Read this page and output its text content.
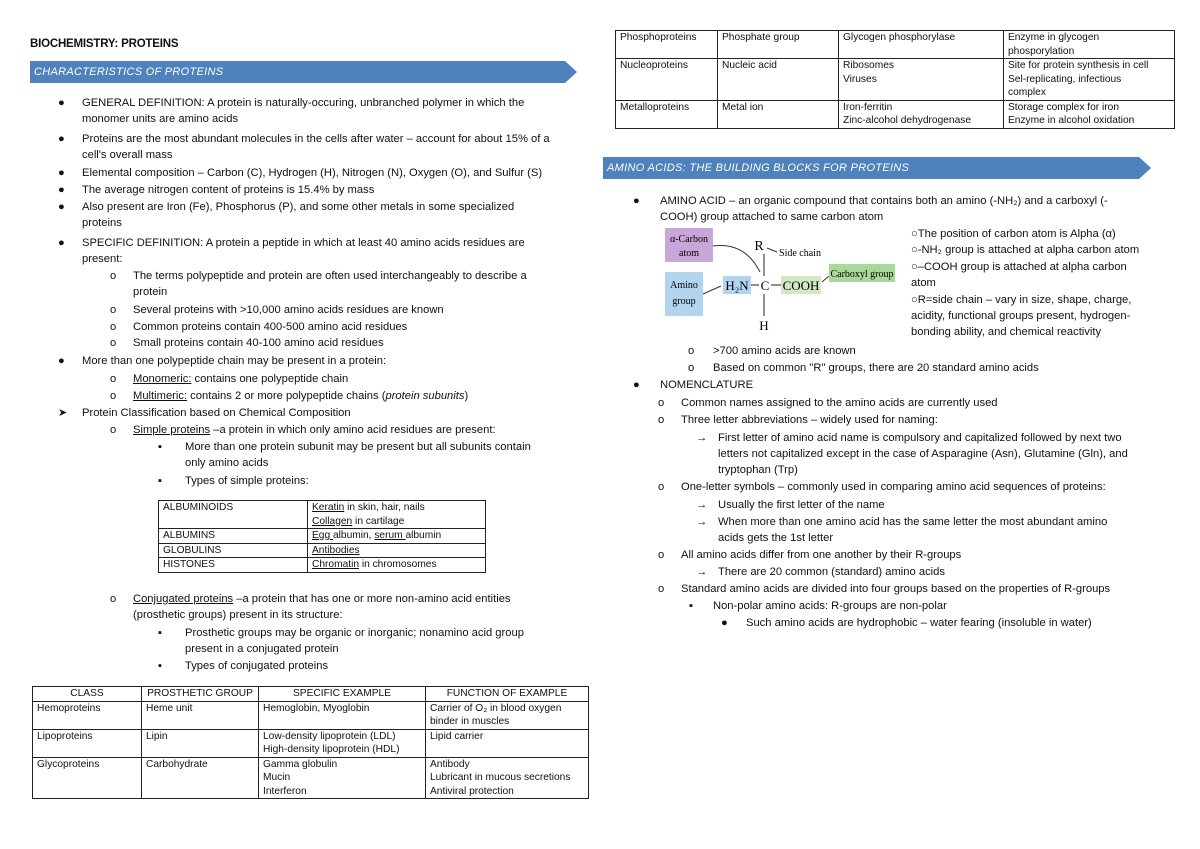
BIOCHEMISTRY: PROTEINS
CHARACTERISTICS OF PROTEINS
● GENERAL DEFINITION: A protein is naturally-occuring, unbranched polymer in which the
monomer units are amino acids
● Proteins are the most abundant molecules in the cells after water – account for about 15% of a
cell's overall mass
● Elemental composition – Carbon (C), Hydrogen (H), Nitrogen (N), Oxygen (O), and Sulfur (S)
● The average nitrogen content of proteins is 15.4% by mass
● Also present are Iron (Fe), Phosphorus (P), and some other metals in some specialized
proteins
● SPECIFIC DEFINITION: A protein a peptide in which at least 40 amino acids residues are
present:
o The terms polypeptide and protein are often used interchangeably to describe a
protein
o Several proteins with >10,000 amino acids residues are known
o Common proteins contain 400-500 amino acid residues
o Small proteins contain 40-100 amino acid residues
● More than one polypeptide chain may be present in a protein:
o Monomeric: contains one polypeptide chain
o Multimeric: contains 2 or more polypeptide chains (protein subunits)
➤ Protein Classification based on Chemical Composition
o Simple proteins –a protein in which only amino acid residues are present:
▪ More than one protein subunit may be present but all subunits contain
only amino acids
▪ Types of simple proteins:
ALBUMINOIDS	Keratin in skin, hair, nails
Collagen in cartilage
ALBUMINS	Egg albumin, serum albumin
GLOBULINS	Antibodies
HISTONES	Chromatin in chromosomes
o Conjugated proteins –a protein that has one or more non-amino acid entities
(prosthetic groups) present in its structure:
▪ Prosthetic groups may be organic or inorganic; nonamino acid group
present in a conjugated protein
▪ Types of conjugated proteins
CLASS	PROSTHETIC GROUP	SPECIFIC EXAMPLE	FUNCTION OF EXAMPLE
Hemoproteins	Heme unit	Hemoglobin, Myoglobin	Carrier of O₂ in blood oxygen
binder in muscles
Lipoproteins	Lipin	Low-density lipoprotein (LDL)
High-density lipoprotein (HDL)	Lipid carrier
Glycoproteins	Carbohydrate	Gamma globulin
Mucin
Interferon	Antibody
Lubricant in mucous secretions
Antiviral protection
Phosphoproteins	Phosphate group	Glycogen phosphorylase	Enzyme in glycogen
phosporylation
Nucleoproteins	Nucleic acid	Ribosomes
Viruses	Site for protein synthesis in cell
Sel-replicating, infectious
complex
Metalloproteins	Metal ion	Iron-ferritin
Zinc-alcohol dehydrogenase	Storage complex for iron
Enzyme in alcohol oxidation
AMINO ACIDS: THE BUILDING BLOCKS FOR PROTEINS
● AMINO ACID – an organic compound that contains both an amino (-NH₂) and a carboxyl (-
COOH) group attached to same carbon atom
α-Carbon
atom
Amino
group
Carboxyl group
R Side chain
H₂N C COOH
H
○The position of carbon atom is Alpha (α)
○-NH₂ group is attached at alpha carbon atom
○–COOH group is attached at alpha carbon
atom
○R=side chain – vary in size, shape, charge,
acidity, functional groups present, hydrogen-
bonding ability, and chemical reactivity
o >700 amino acids are known
o Based on common "R" groups, there are 20 standard amino acids
● NOMENCLATURE
o Common names assigned to the amino acids are currently used
o Three letter abbreviations – widely used for naming:
→ First letter of amino acid name is compulsory and capitalized followed by next two
letters not capitalized except in the case of Asparagine (Asn), Glutamine (Gln), and
tryptophan (Trp)
o One-letter symbols – commonly used in comparing amino acid sequences of proteins:
→ Usually the first letter of the name
→ When more than one amino acid has the same letter the most abundant amino
acids gets the 1st letter
o All amino acids differ from one another by their R-groups
→ There are 20 common (standard) amino acids
o Standard amino acids are divided into four groups based on the properties of R-groups
▪ Non-polar amino acids: R-groups are non-polar
● Such amino acids are hydrophobic – water fearing (insoluble in water)
